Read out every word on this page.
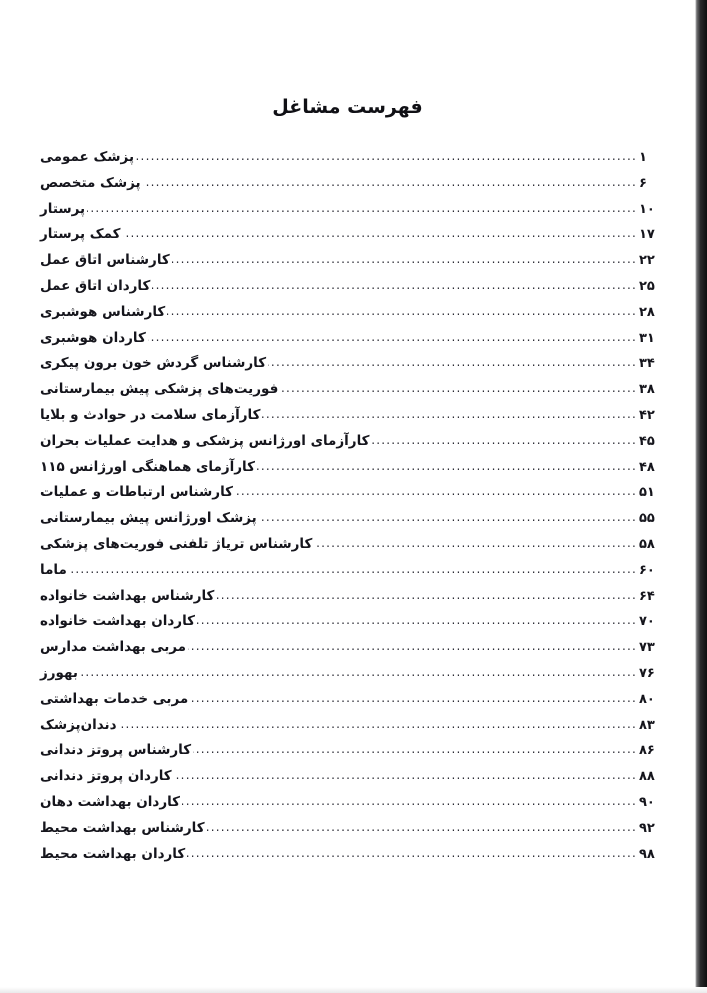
فهرست مشاغل
پزشک عمومی .....	۱
پزشک متخصص .....	۶
پرستار .....	۱۰
کمک پرستار .....	۱۷
کارشناس اتاق عمل .....	۲۲
کاردان اتاق عمل .....	۲۵
کارشناس هوشبری .....	۲۸
کاردان هوشبری .....	۳۱
کارشناس گردش خون برون پیکری .....	۳۴
فوریت‌های پزشکی پیش بیمارستانی .....	۳۸
کارآزمای سلامت در حوادث و بلایا .....	۴۲
کارآزمای اورژانس پزشکی و هدایت عملیات بحران .....	۴۵
کارآزمای هماهنگی اورژانس ۱۱۵ .....	۴۸
کارشناس ارتباطات و عملیات .....	۵۱
پزشک اورژانس پیش بیمارستانی .....	۵۵
کارشناس تریاژ تلفنی فوریت‌های پزشکی .....	۵۸
ماما .....	۶۰
کارشناس بهداشت خانواده .....	۶۴
کاردان بهداشت خانواده .....	۷۰
مربی بهداشت مدارس .....	۷۳
بهورز .....	۷۶
مربی خدمات بهداشتی .....	۸۰
دندان‌پزشک .....	۸۳
کارشناس پروتز دندانی .....	۸۶
کاردان پروتز دندانی .....	۸۸
کاردان بهداشت دهان .....	۹۰
کارشناس بهداشت محیط .....	۹۲
کاردان بهداشت محیط .....	۹۸
